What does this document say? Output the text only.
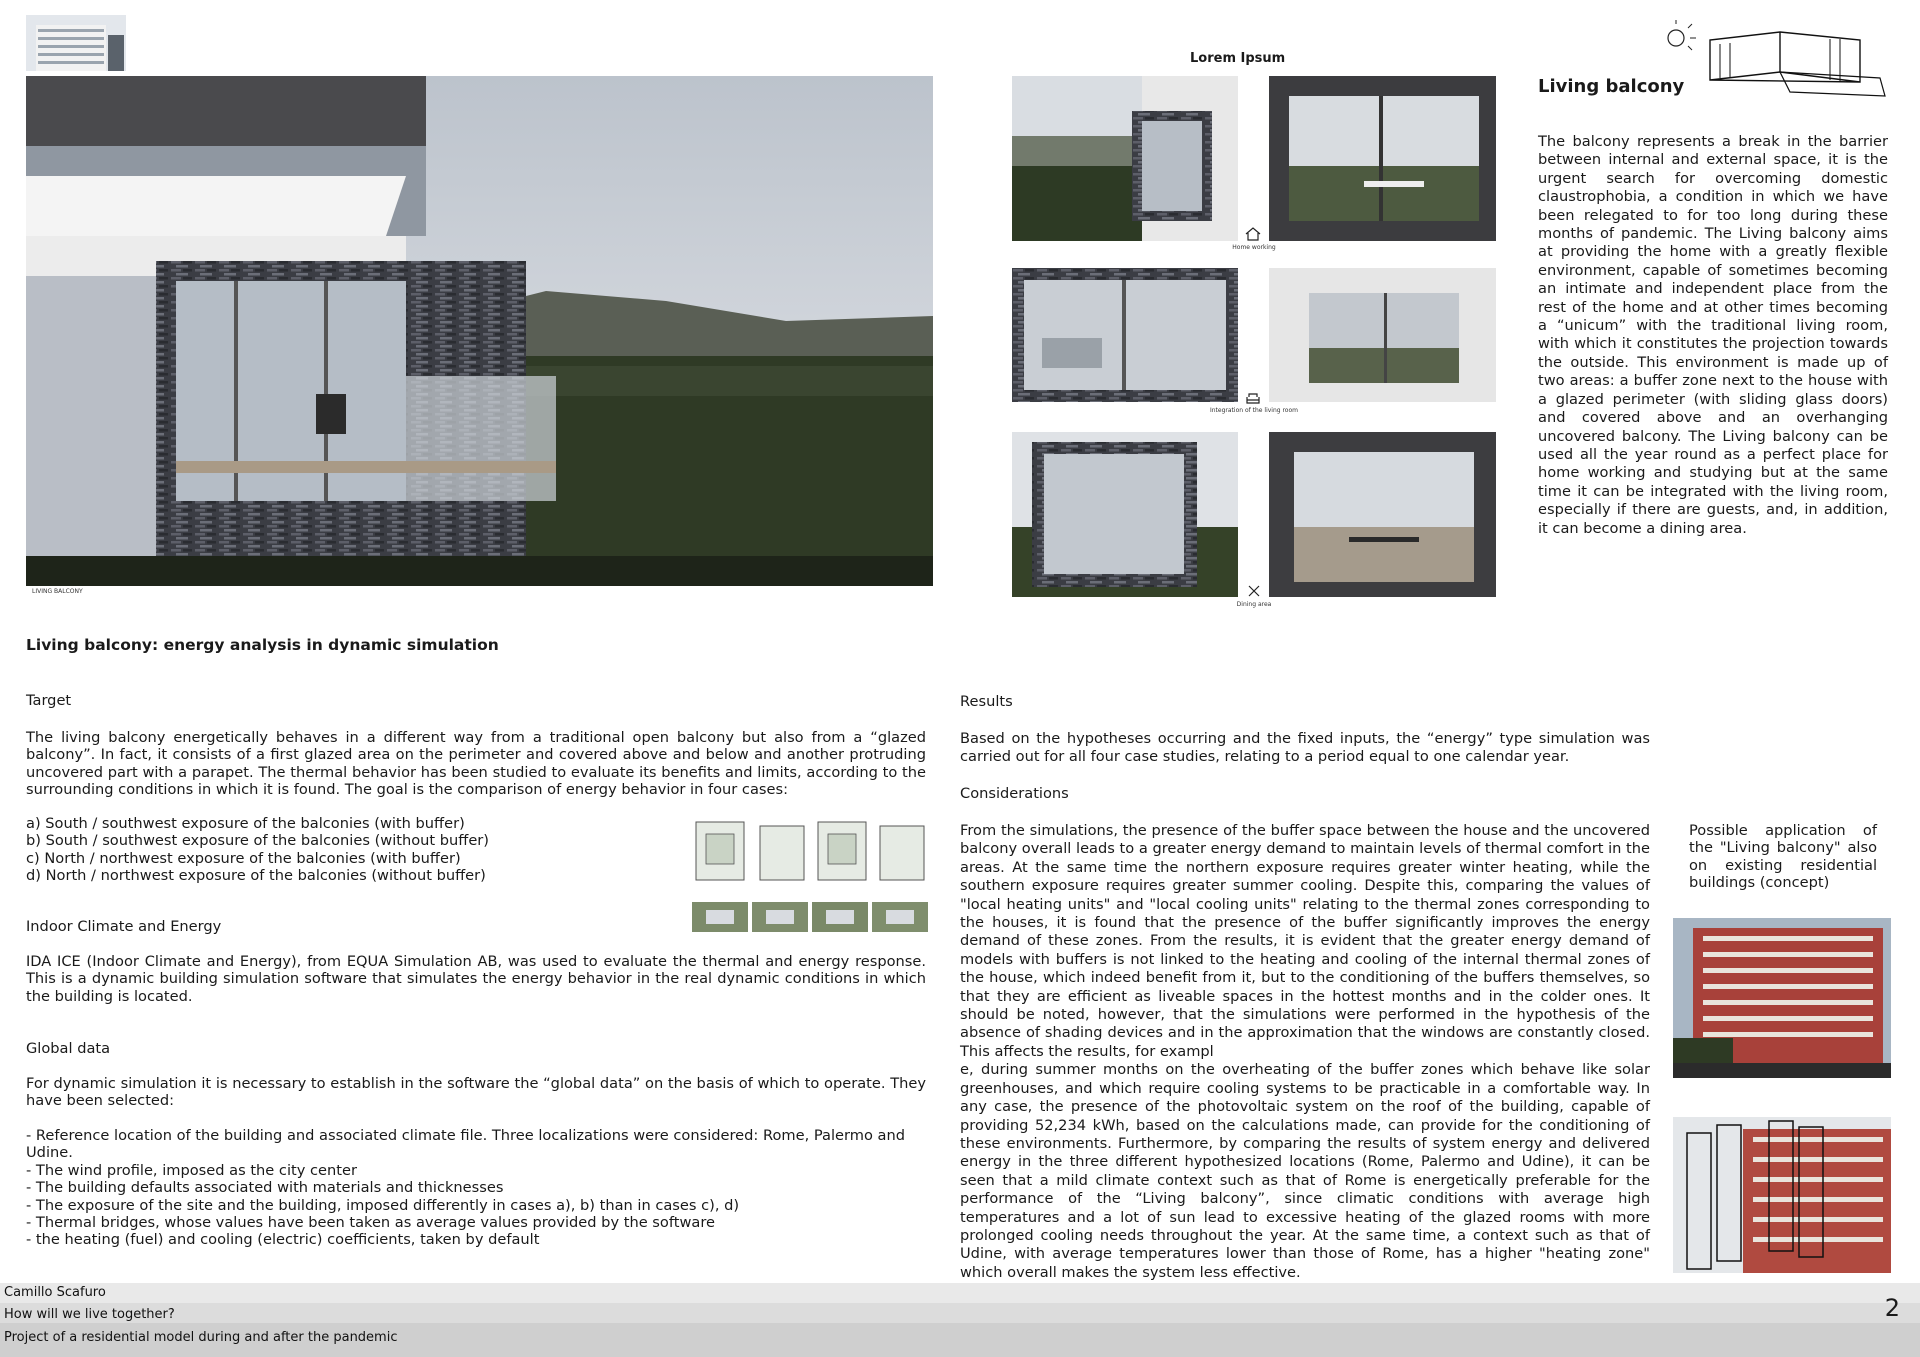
LIVING BALCONY
Lorem Ipsum
Home working
Integration of the living room
Dining area
Living balcony
The balcony represents a break in the barrier between internal and external space, it is the urgent search for overcoming domestic claustrophobia, a condition in which we have been relegated to for too long during these months of pandemic. The Living balcony aims at providing the home with a greatly flexible environment, capable of sometimes becoming an intimate and independent place from the rest of the home and at other times becoming a “unicum” with the traditional living room, with which it constitutes the projection towards the outside. This environment is made up of two areas: a buffer zone next to the house with a glazed perimeter (with sliding glass doors) and covered above and an overhanging uncovered balcony. The Living balcony can be used all the year round as a perfect place for home working and studying but at the same time it can be integrated with the living room, especially if there are guests, and, in addition, it can become a dining area.
Living balcony: energy analysis in dynamic simulation
Target
The living balcony energetically behaves in a different way from a traditional open balcony but also from a “glazed balcony”. In fact, it consists of a first glazed area on the perimeter and covered above and below and another protruding uncovered part with a parapet. The thermal behavior has been studied to evaluate its benefits and limits, according to the surrounding conditions in which it is found. The goal is the comparison of energy behavior in four cases:
a) South / southwest exposure of the balconies (with buffer)
b) South / southwest exposure of the balconies (without buffer)
c) North / northwest exposure of the balconies (with buffer)
d) North / northwest exposure of the balconies (without buffer)
Indoor Climate and Energy
IDA ICE (Indoor Climate and Energy), from EQUA Simulation AB, was used to evaluate the thermal and energy response. This is a dynamic building simulation software that simulates the energy behavior in the real dynamic conditions in which the building is located.
Global data
For dynamic simulation it is necessary to establish in the software the “global data” on the basis of which to operate. They have been selected:
- Reference location of the building and associated climate file. Three localizations were considered: Rome, Palermo and Udine.
- The wind profile, imposed as the city center
- The building defaults associated with materials and thicknesses
- The exposure of the site and the building, imposed differently in cases a), b) than in cases c), d)
- Thermal bridges, whose values have been taken as average values provided by the software
- the heating (fuel) and cooling (electric) coefficients, taken by default
Results
Based on the hypotheses occurring and the fixed inputs, the “energy” type simulation was carried out for all four case studies, relating to a period equal to one calendar year.
Considerations

From the simulations, the presence of the buffer space between the house and the uncovered balcony overall leads to a greater energy demand to maintain levels of thermal comfort in the areas. At the same time the northern exposure requires greater winter heating, while the southern exposure requires greater summer cooling. Despite this, comparing the values of "local heating units" and "local cooling units" relating to the thermal zones corresponding to the houses, it is found that the presence of the buffer significantly improves the energy demand of these zones. From the results, it is evident that the greater energy demand of models with buffers is not linked to the heating and cooling of the internal thermal zones of the house, which indeed benefit from it, but to the conditioning of the buffers themselves, so that they are efficient as liveable spaces in the hottest months and in the colder ones. It should be noted, however, that the simulations were performed in the hypothesis of the absence of shading devices and in the approximation that the windows are constantly closed. This affects the results, for exampl

e, during summer months on the overheating of the buffer zones which behave like solar greenhouses, and which require cooling systems to be practicable in a comfortable way. In any case, the presence of the photovoltaic system on the roof of the building, capable of providing 52,234 kWh, based on the calculations made, can provide for the conditioning of these environments. Furthermore, by comparing the results of system energy and delivered energy in the three different hypothesized locations (Rome, Palermo and Udine), it can be seen that a mild climate context such as that of Rome is energetically preferable for the performance of the “Living balcony”, since climatic conditions with average high temperatures and a lot of sun lead to excessive heating of the glazed rooms with more prolonged cooling needs throughout the year. At the same time, a context such as that of Udine, with average temperatures lower than those of Rome, has a higher "heating zone" which overall makes the system less effective.

Possible application of the "Living balcony" also on existing residential buildings (concept)
Camillo Scafuro
How will we live together?
Project of a residential model during and after the pandemic
2
